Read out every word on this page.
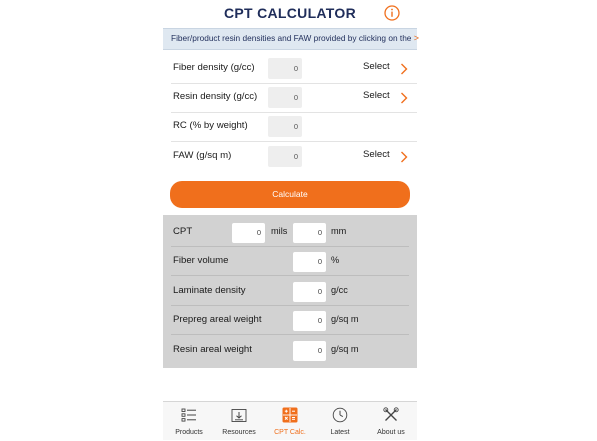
CPT CALCULATOR
Fiber/product resin densities and FAW provided by clicking on the >
Fiber density (g/cc)	0	Select
Resin density (g/cc)	0	Select
RC (% by weight)	0
FAW (g/sq m)	0	Select
Calculate
CPT	0	mils	0 mm
Fiber volume	0 %
Laminate density	0 g/cc
Prepreg areal weight	0 g/sq m
Resin areal weight	0 g/sq m
Products	Resources	CPT Calc.	Latest	About us
